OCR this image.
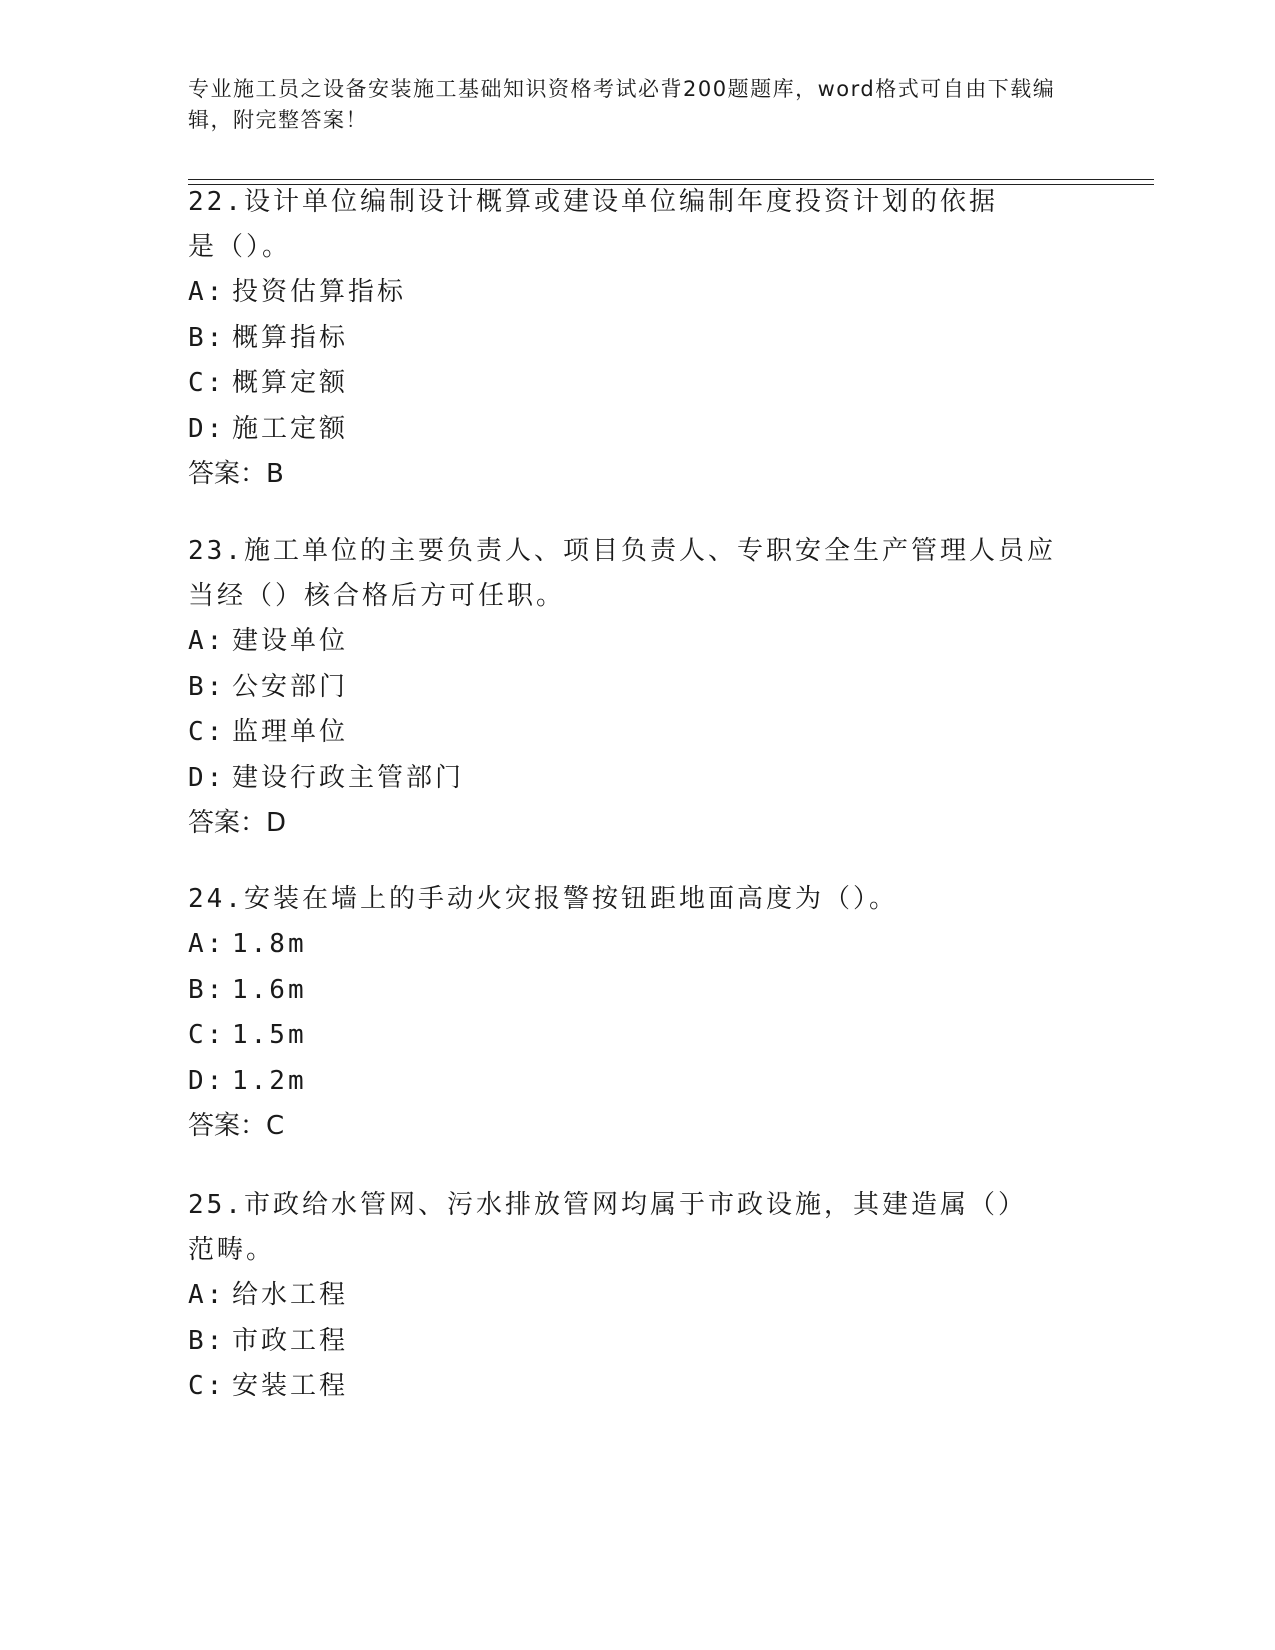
专业施工员之设备安装施工基础知识资格考试必背200题题库，word格式可自由下载编辑，附完整答案！

22.设计单位编制设计概算或建设单位编制年度投资计划的依据是（）。

A: 投资估算指标
B: 概算指标
C: 概算定额
D: 施工定额
答案：B

23.施工单位的主要负责人、项目负责人、专职安全生产管理人员应当经（）核合格后方可任职。

A: 建设单位
B: 公安部门
C: 监理单位
D: 建设行政主管部门
答案：D

24.安装在墙上的手动火灾报警按钮距地面高度为（）。

A: 1.8m
B: 1.6m
C: 1.5m
D: 1.2m
答案：C

25.市政给水管网、污水排放管网均属于市政设施，其建造属（）范畴。

A: 给水工程
B: 市政工程
C: 安装工程
